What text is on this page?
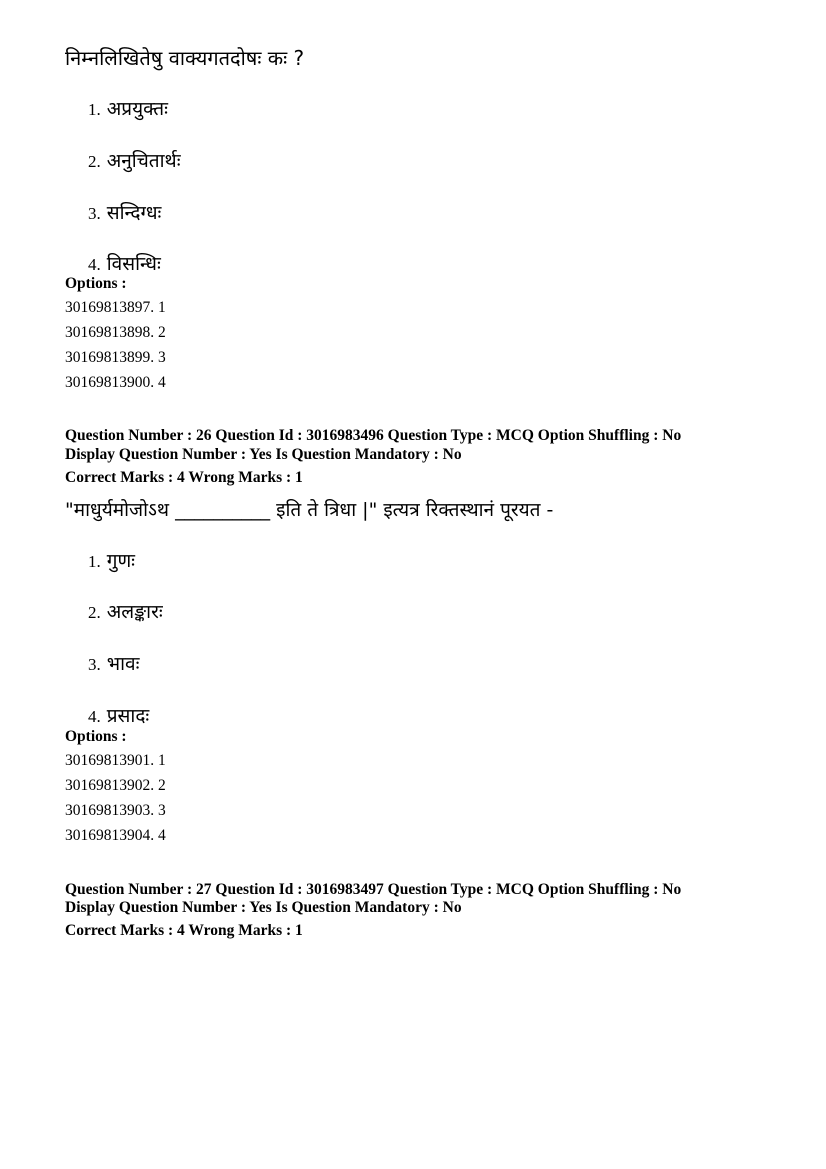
निम्नलिखितेषु वाक्यगतदोषः कः ?
1. अप्रयुक्तः
2. अनुचितार्थः
3. सन्दिग्धः
4. विसन्धिः
Options :
30169813897. 1
30169813898. 2
30169813899. 3
30169813900. 4
Question Number : 26 Question Id : 3016983496 Question Type : MCQ Option Shuffling : No
Display Question Number : Yes Is Question Mandatory : No
Correct Marks : 4 Wrong Marks : 1
"माधुर्यमोजोऽथ __________ इति ते त्रिधा |" इत्यत्र रिक्तस्थानं पूरयत -
1. गुणः
2. अलङ्कारः
3. भावः
4. प्रसादः
Options :
30169813901. 1
30169813902. 2
30169813903. 3
30169813904. 4
Question Number : 27 Question Id : 3016983497 Question Type : MCQ Option Shuffling : No
Display Question Number : Yes Is Question Mandatory : No
Correct Marks : 4 Wrong Marks : 1
